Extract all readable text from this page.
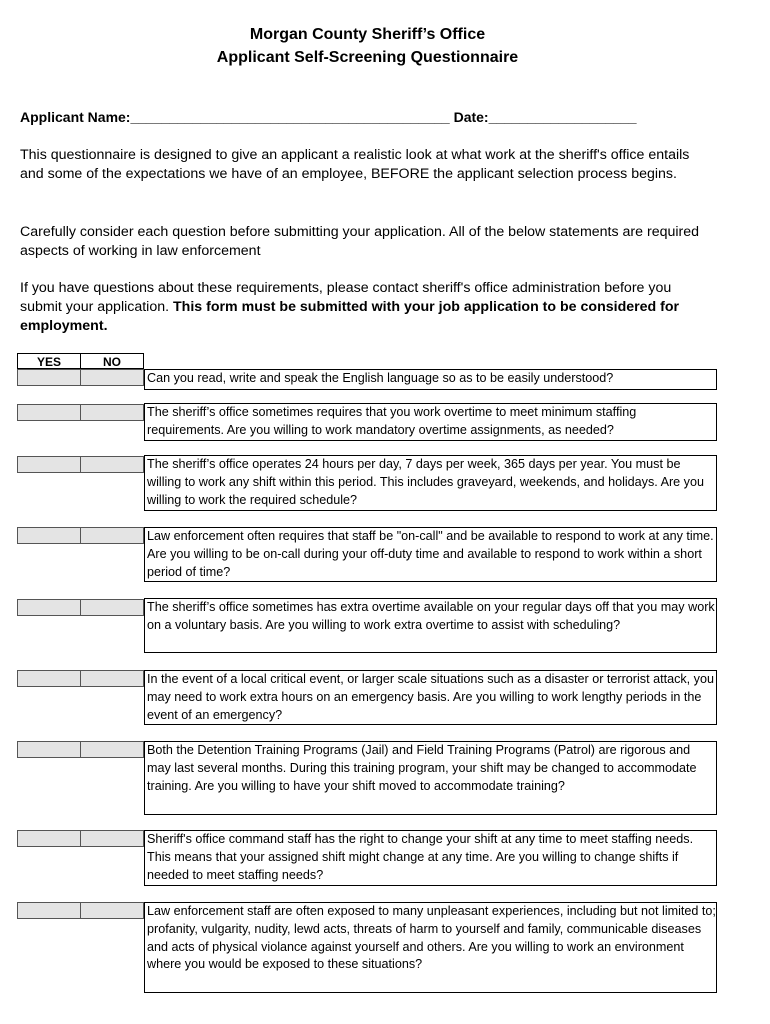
Morgan County Sheriff’s Office
Applicant Self-Screening Questionnaire
Applicant Name:_________________________________________ Date:___________________
This questionnaire is designed to give an applicant a realistic look at what work at the sheriff's office entails and some of the expectations we have of an employee, BEFORE the applicant selection process begins.
Carefully consider each question before submitting your application. All of the below statements are required aspects of working in law enforcement
If you have questions about these requirements, please contact sheriff's office administration before you submit your application. This form must be submitted with your job application to be considered for employment.
YES	NO
Can you read, write and speak the English language so as to be easily understood?
The sheriff’s office sometimes requires that you work overtime to meet minimum staffing requirements. Are you willing to work mandatory overtime assignments, as needed?
The sheriff’s office operates 24 hours per day, 7 days per week, 365 days per year. You must be willing to work any shift within this period. This includes graveyard, weekends, and holidays. Are you willing to work the required schedule?
Law enforcement often requires that staff be "on-call" and be available to respond to work at any time. Are you willing to be on-call during your off-duty time and available to respond to work within a short period of time?
The sheriff’s office sometimes has extra overtime available on your regular days off that you may work on a voluntary basis. Are you willing to work extra overtime to assist with scheduling?
In the event of a local critical event, or larger scale situations such as a disaster or terrorist attack, you may need to work extra hours on an emergency basis. Are you willing to work lengthy periods in the event of an emergency?
Both the Detention Training Programs (Jail) and Field Training Programs (Patrol) are rigorous and may last several months. During this training program, your shift may be changed to accommodate training. Are you willing to have your shift moved to accommodate training?
Sheriff's office command staff has the right to change your shift at any time to meet staffing needs. This means that your assigned shift might change at any time. Are you willing to change shifts if needed to meet staffing needs?
Law enforcement staff are often exposed to many unpleasant experiences, including but not limited to; profanity, vulgarity, nudity, lewd acts, threats of harm to yourself and family, communicable diseases and acts of physical violance against yourself and others. Are you willing to work an environment where you would be exposed to these situations?
